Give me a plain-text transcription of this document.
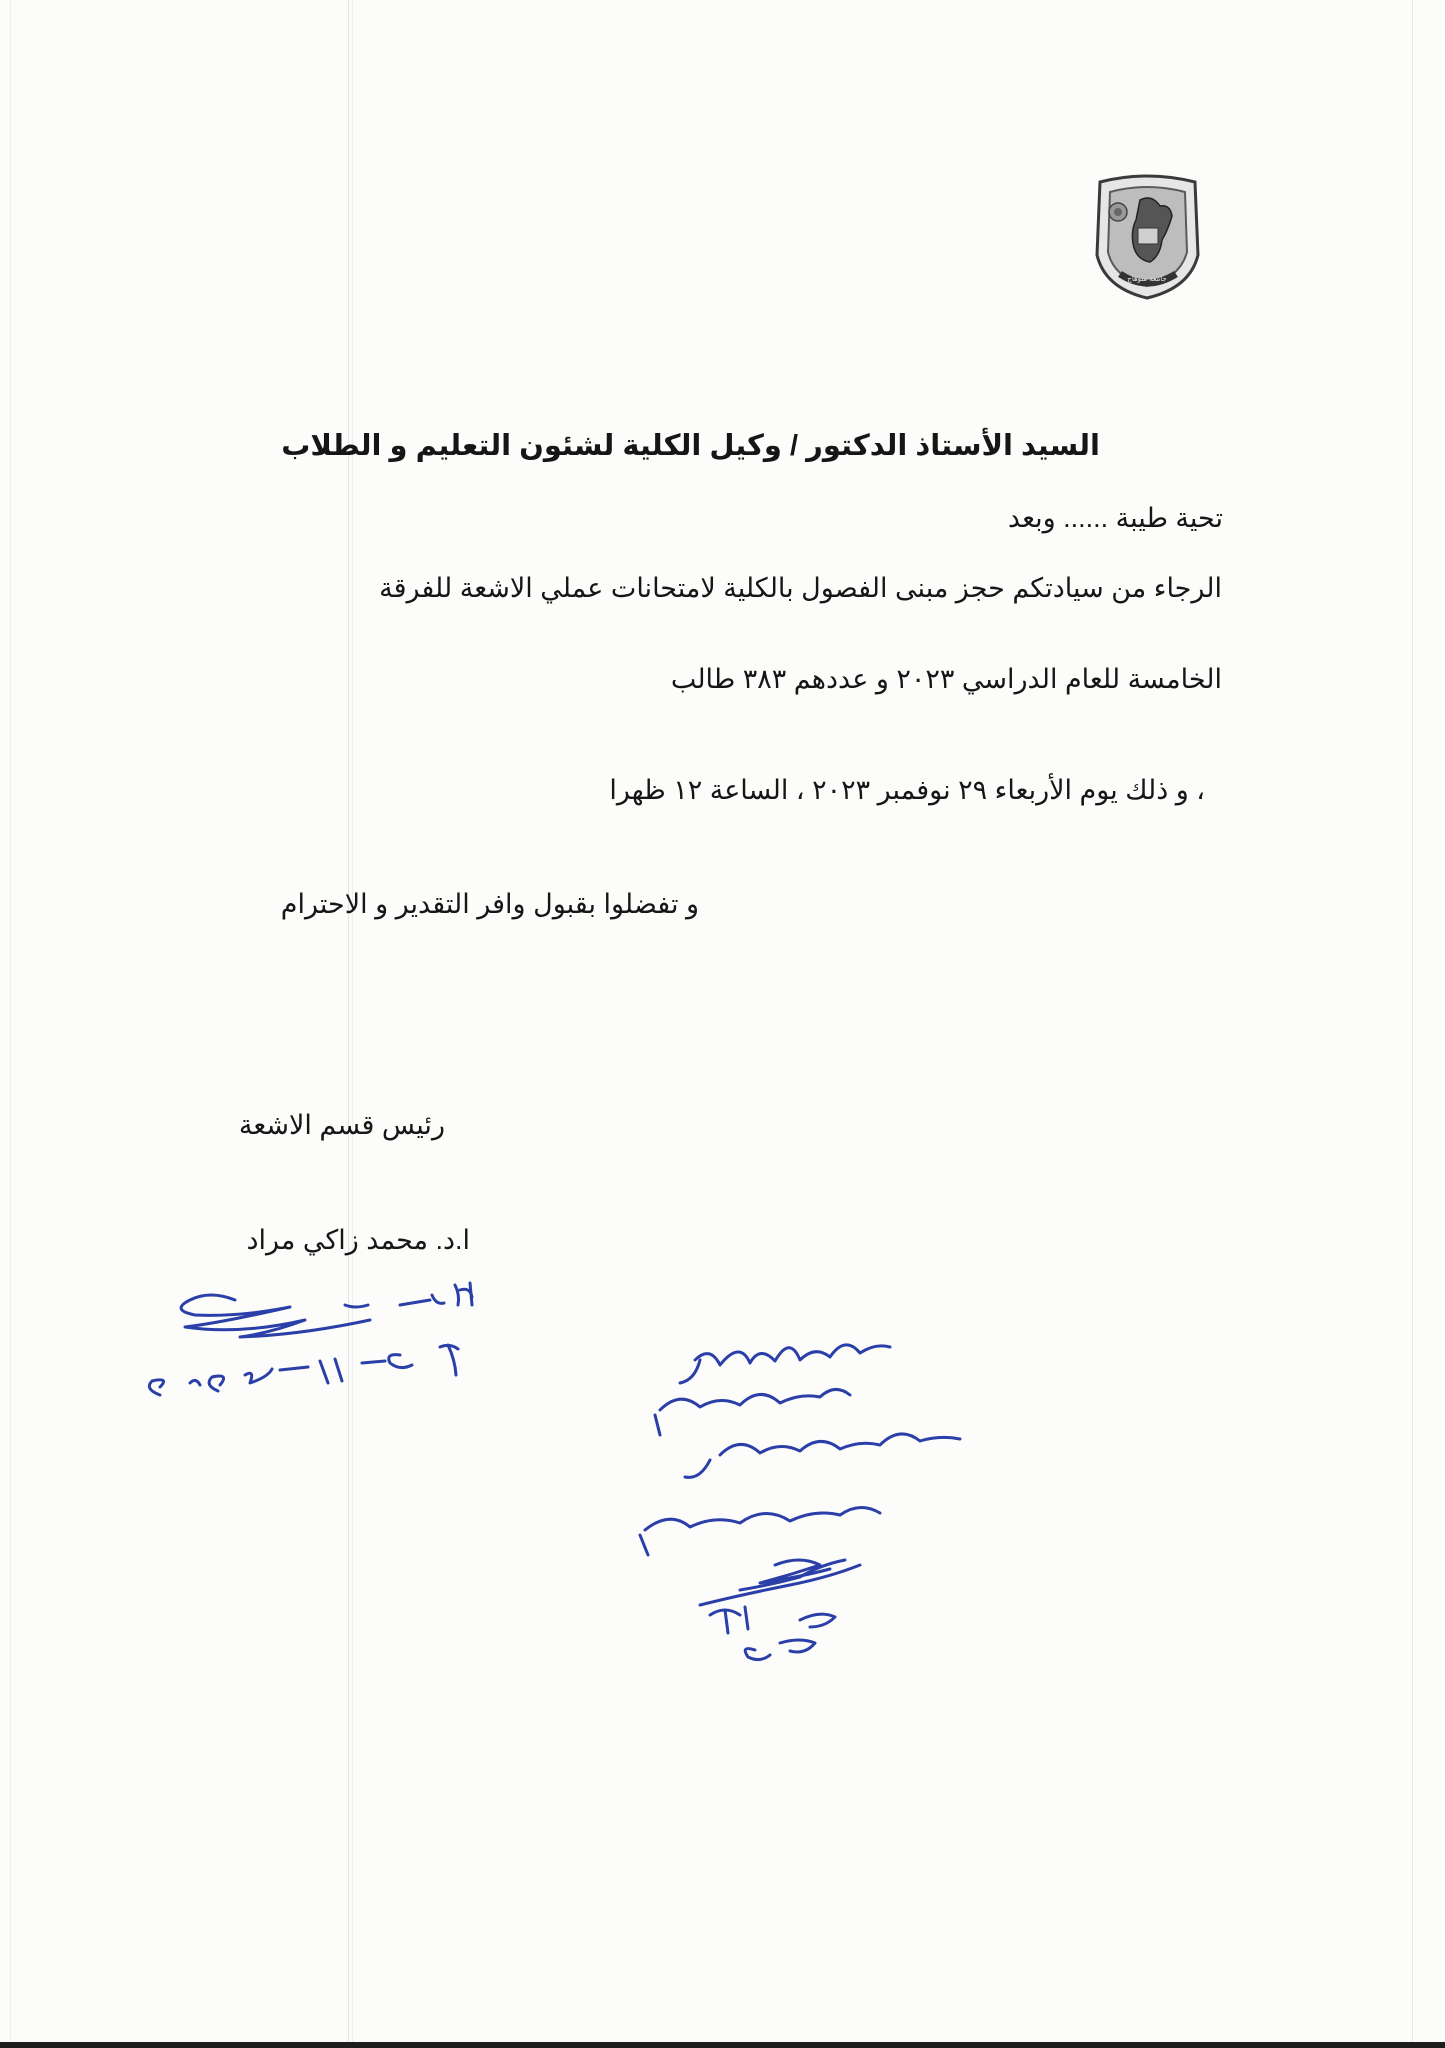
جامعة سوهاج
السيد الأستاذ الدكتور / وكيل الكلية لشئون التعليم و الطلاب
تحية طيبة ...... وبعد
الرجاء من سيادتكم حجز مبنى الفصول بالكلية لامتحانات عملي الاشعة للفرقة
الخامسة للعام الدراسي ٢٠٢٣ و عددهم ٣٨٣ طالب
، و ذلك يوم الأربعاء ٢٩ نوفمبر ٢٠٢٣ ، الساعة ١٢ ظهرا
و تفضلوا بقبول وافر التقدير و الاحترام
رئيس قسم الاشعة
ا.د. محمد زاكي مراد
